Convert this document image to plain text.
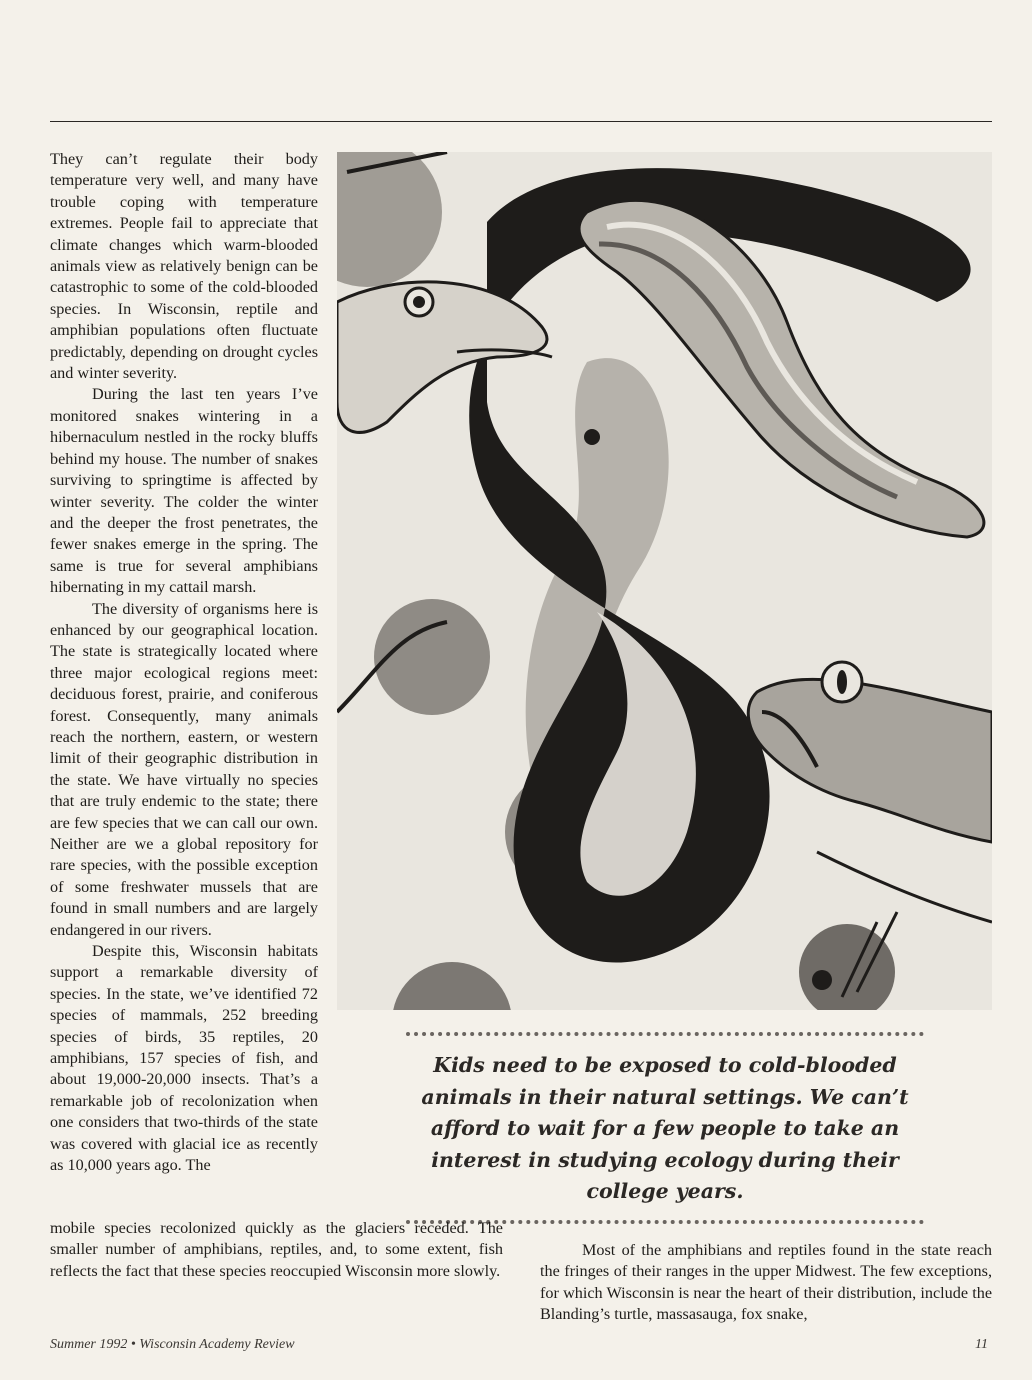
They can’t regulate their body temperature very well, and many have trouble coping with temperature extremes. People fail to appreciate that climate changes which warm-blooded animals view as relatively benign can be catastrophic to some of the cold-blooded species. In Wisconsin, reptile and amphibian populations often fluctuate predictably, depending on drought cycles and winter severity.

During the last ten years I’ve monitored snakes wintering in a hibernaculum nestled in the rocky bluffs behind my house. The number of snakes surviving to springtime is affected by winter severity. The colder the winter and the deeper the frost penetrates, the fewer snakes emerge in the spring. The same is true for several amphibians hibernating in my cattail marsh.

The diversity of organisms here is enhanced by our geographical location. The state is strategically located where three major ecological regions meet: deciduous forest, prairie, and coniferous forest. Consequently, many animals reach the northern, eastern, or western limit of their geographic distribution in the state. We have virtually no species that are truly endemic to the state; there are few species that we can call our own. Neither are we a global repository for rare species, with the possible exception of some freshwater mussels that are found in small numbers and are largely endangered in our rivers.

Despite this, Wisconsin habitats support a remarkable diversity of species. In the state, we’ve identified 72 species of mammals, 252 breeding species of birds, 35 reptiles, 20 amphibians, 157 species of fish, and about 19,000-20,000 insects. That’s a remarkable job of recolonization when one considers that two-thirds of the state was covered with glacial ice as recently as 10,000 years ago. The

Kids need to be exposed to cold-blooded animals in their natural settings. We can’t afford to wait for a few people to take an interest in studying ecology during their college years.

mobile species recolonized quickly as the glaciers receded. The smaller number of amphibians, reptiles, and, to some extent, fish reflects the fact that these species reoccupied Wisconsin more slowly.

Most of the amphibians and reptiles found in the state reach the fringes of their ranges in the upper Midwest. The few exceptions, for which Wisconsin is near the heart of their distribution, include the Blanding’s turtle, massasauga, fox snake,

Summer 1992 • Wisconsin Academy Review	11
